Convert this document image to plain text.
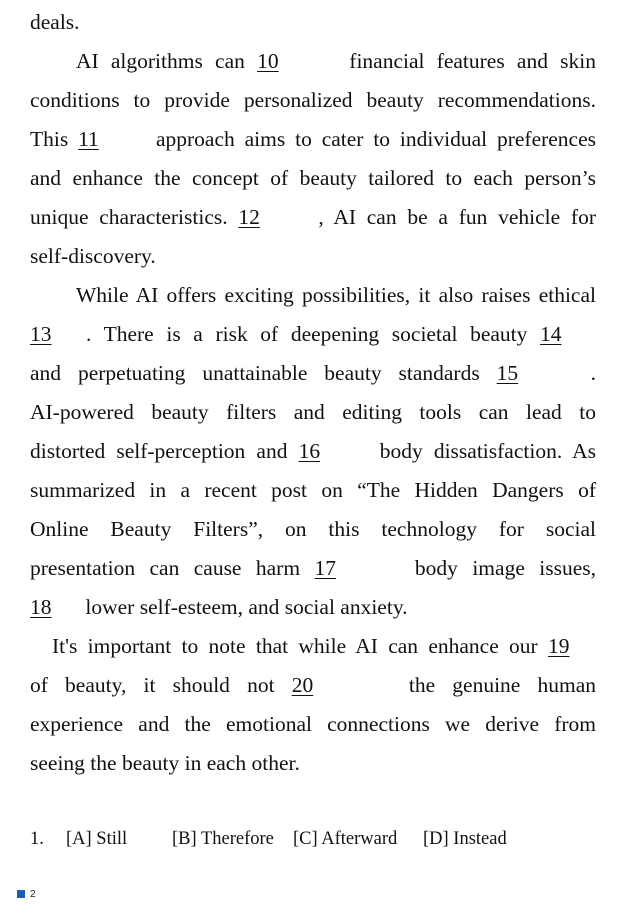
deals.
AI algorithms can 10	financial features and skin
conditions to provide personalized beauty recommendations.
This 11	approach aims to cater to individual preferences
and enhance the concept of beauty tailored to each person’s
unique characteristics. 12	, AI can be a fun vehicle for
self-discovery.
While AI offers exciting possibilities, it also raises ethical
13 . There is a risk of deepening societal beauty 14
and perpetuating unattainable beauty standards 15	.
AI-powered beauty filters and editing tools can lead to
distorted self-perception and 16	body dissatisfaction. As
summarized in a recent post on “The Hidden Dangers of
Online Beauty Filters”, on this technology for social
presentation can cause harm 17	body image issues,
18 lower self-esteem, and social anxiety.
It's important to note that while AI can enhance our 19
of beauty, it should not 20	the genuine human
experience and the emotional connections we derive from
seeing the beauty in each other.
1. [A] Still [B] Therefore [C] Afterward [D] Instead
2
